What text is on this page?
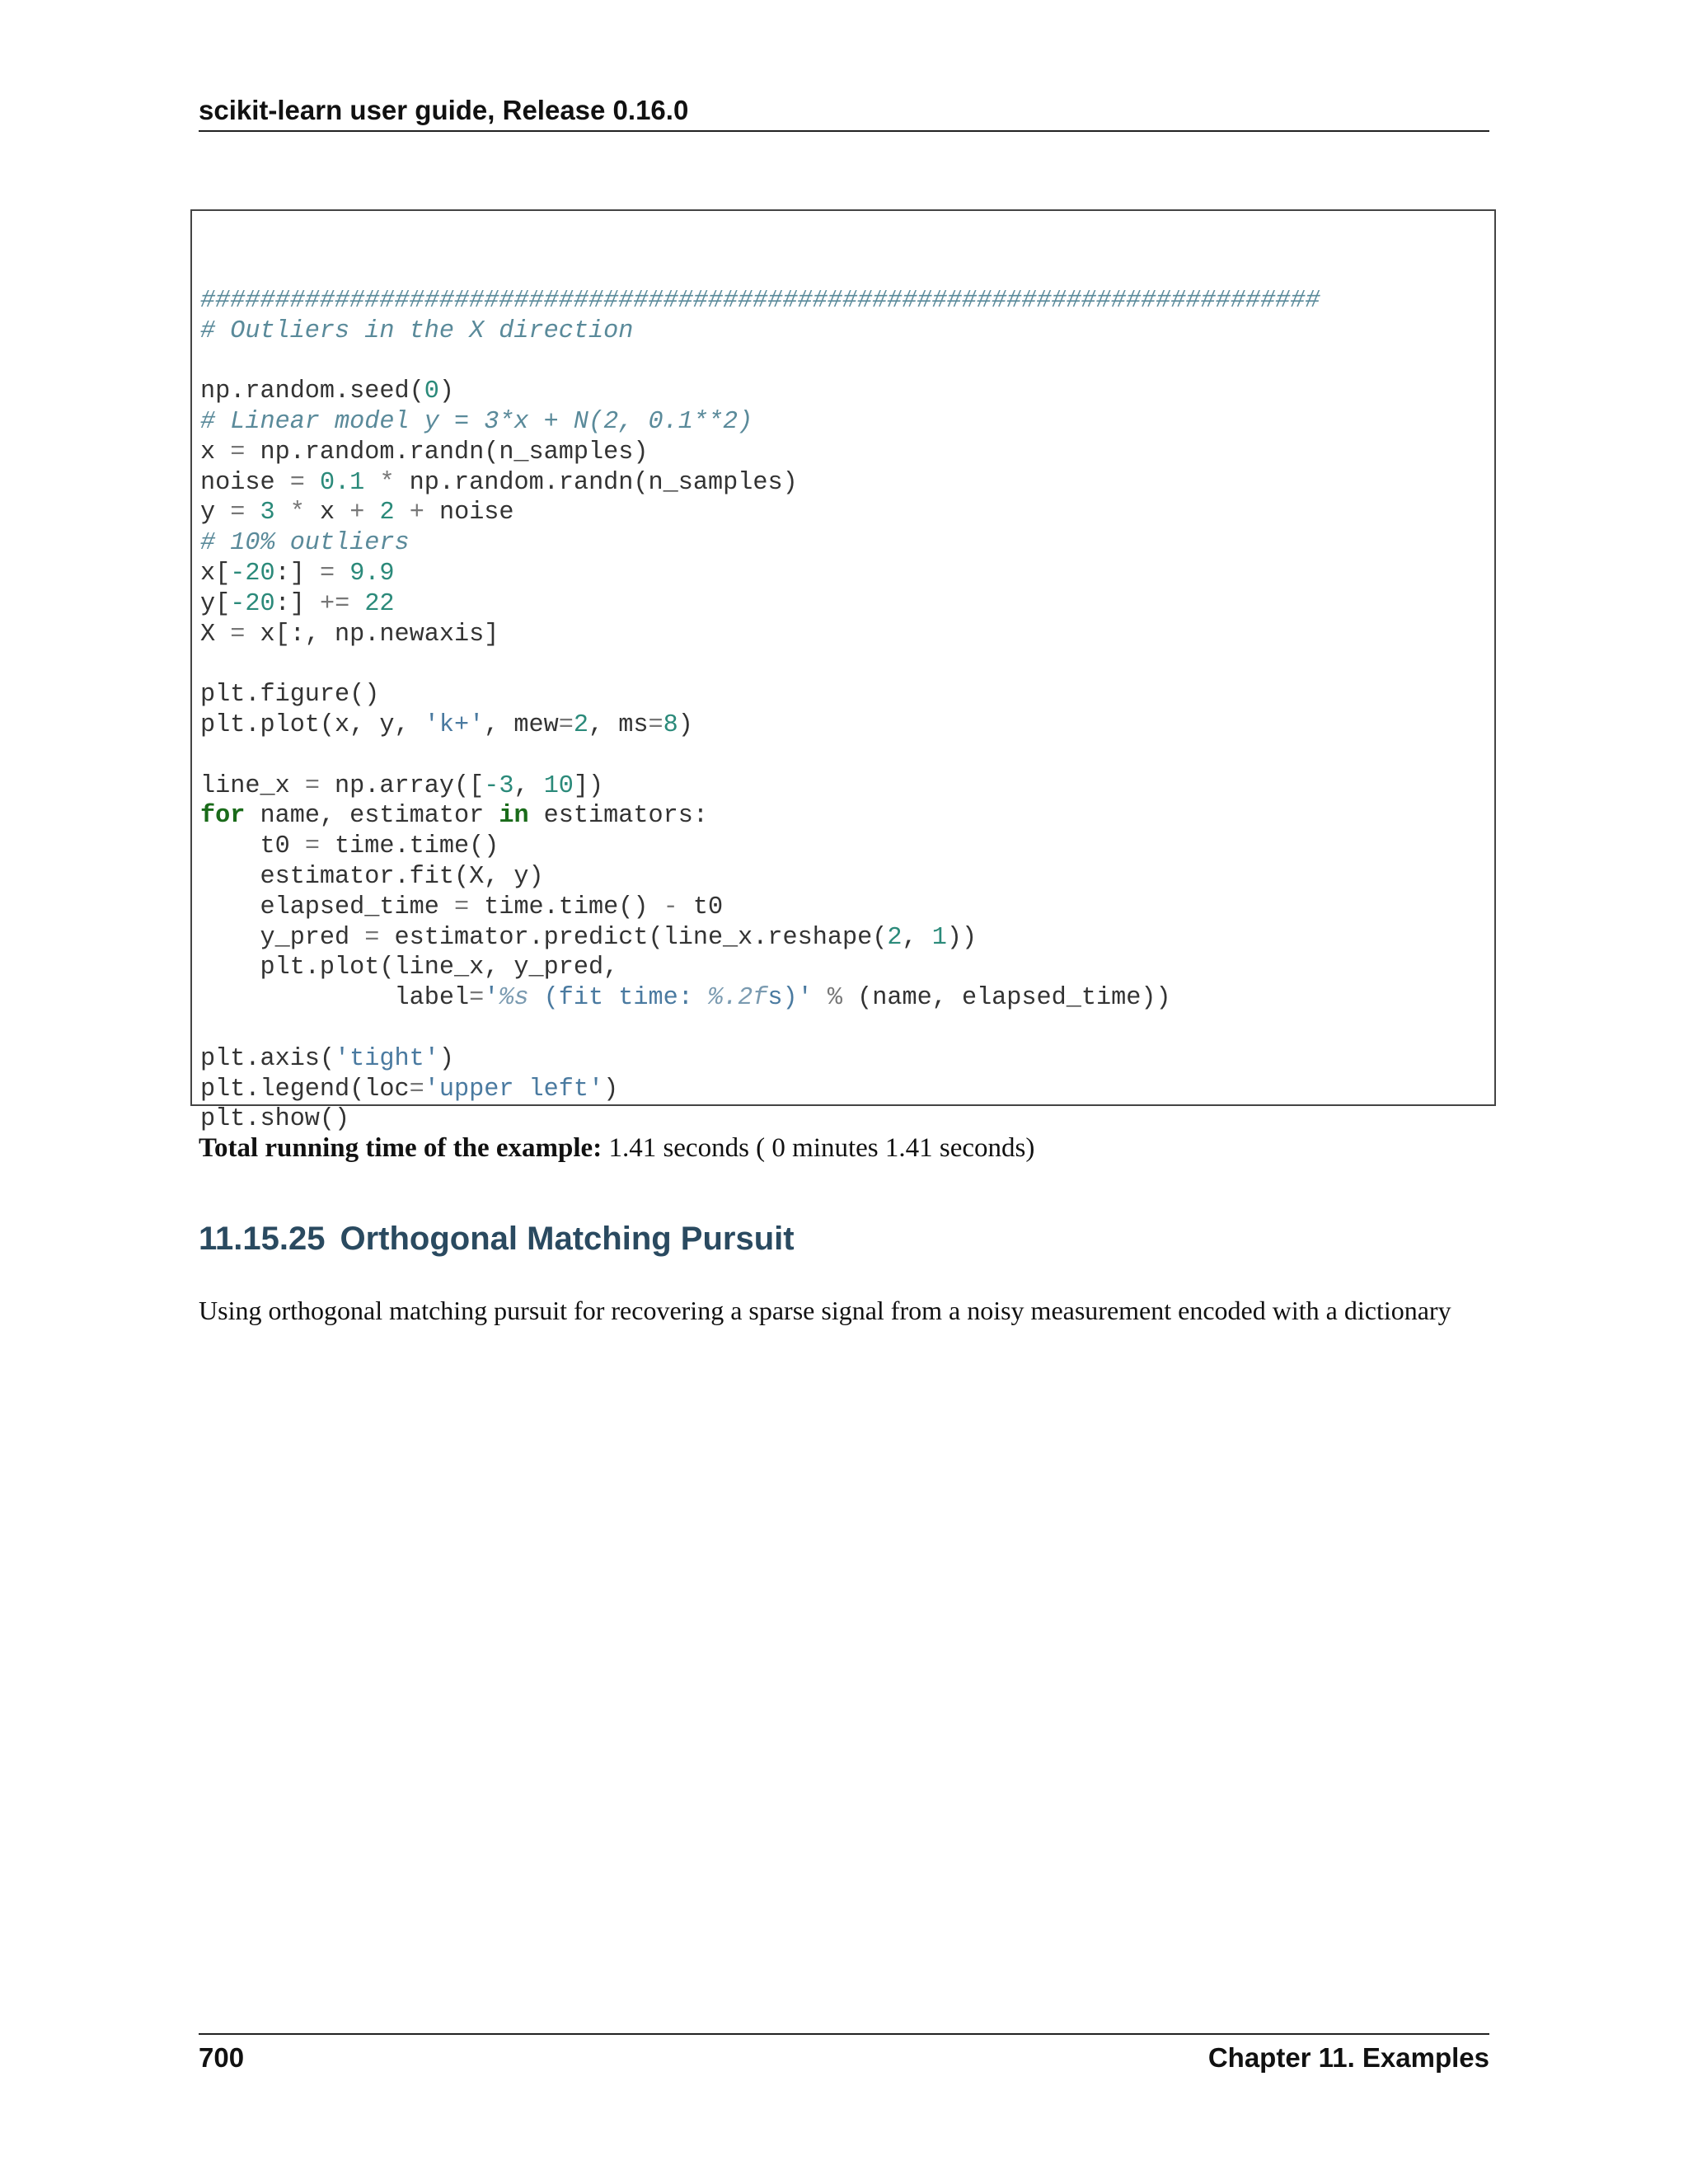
scikit-learn user guide, Release 0.16.0

###########################################################################
# Outliers in the X direction

np.random.seed(0)
# Linear model y = 3*x + N(2, 0.1**2)
x = np.random.randn(n_samples)
noise = 0.1 * np.random.randn(n_samples)
y = 3 * x + 2 + noise
# 10% outliers
x[-20:] = 9.9
y[-20:] += 22
X = x[:, np.newaxis]

plt.figure()
plt.plot(x, y, 'k+', mew=2, ms=8)

line_x = np.array([-3, 10])
for name, estimator in estimators:
t0 = time.time()
estimator.fit(X, y)
elapsed_time = time.time() - t0
y_pred = estimator.predict(line_x.reshape(2, 1))
plt.plot(line_x, y_pred,
label='%s (fit time: %.2fs)' % (name, elapsed_time))

plt.axis('tight')
plt.legend(loc='upper left')
plt.show()
Total running time of the example: 1.41 seconds ( 0 minutes 1.41 seconds)
11.15.25 Orthogonal Matching Pursuit
Using orthogonal matching pursuit for recovering a sparse signal from a noisy measurement encoded with a dictionary
700	Chapter 11. Examples
